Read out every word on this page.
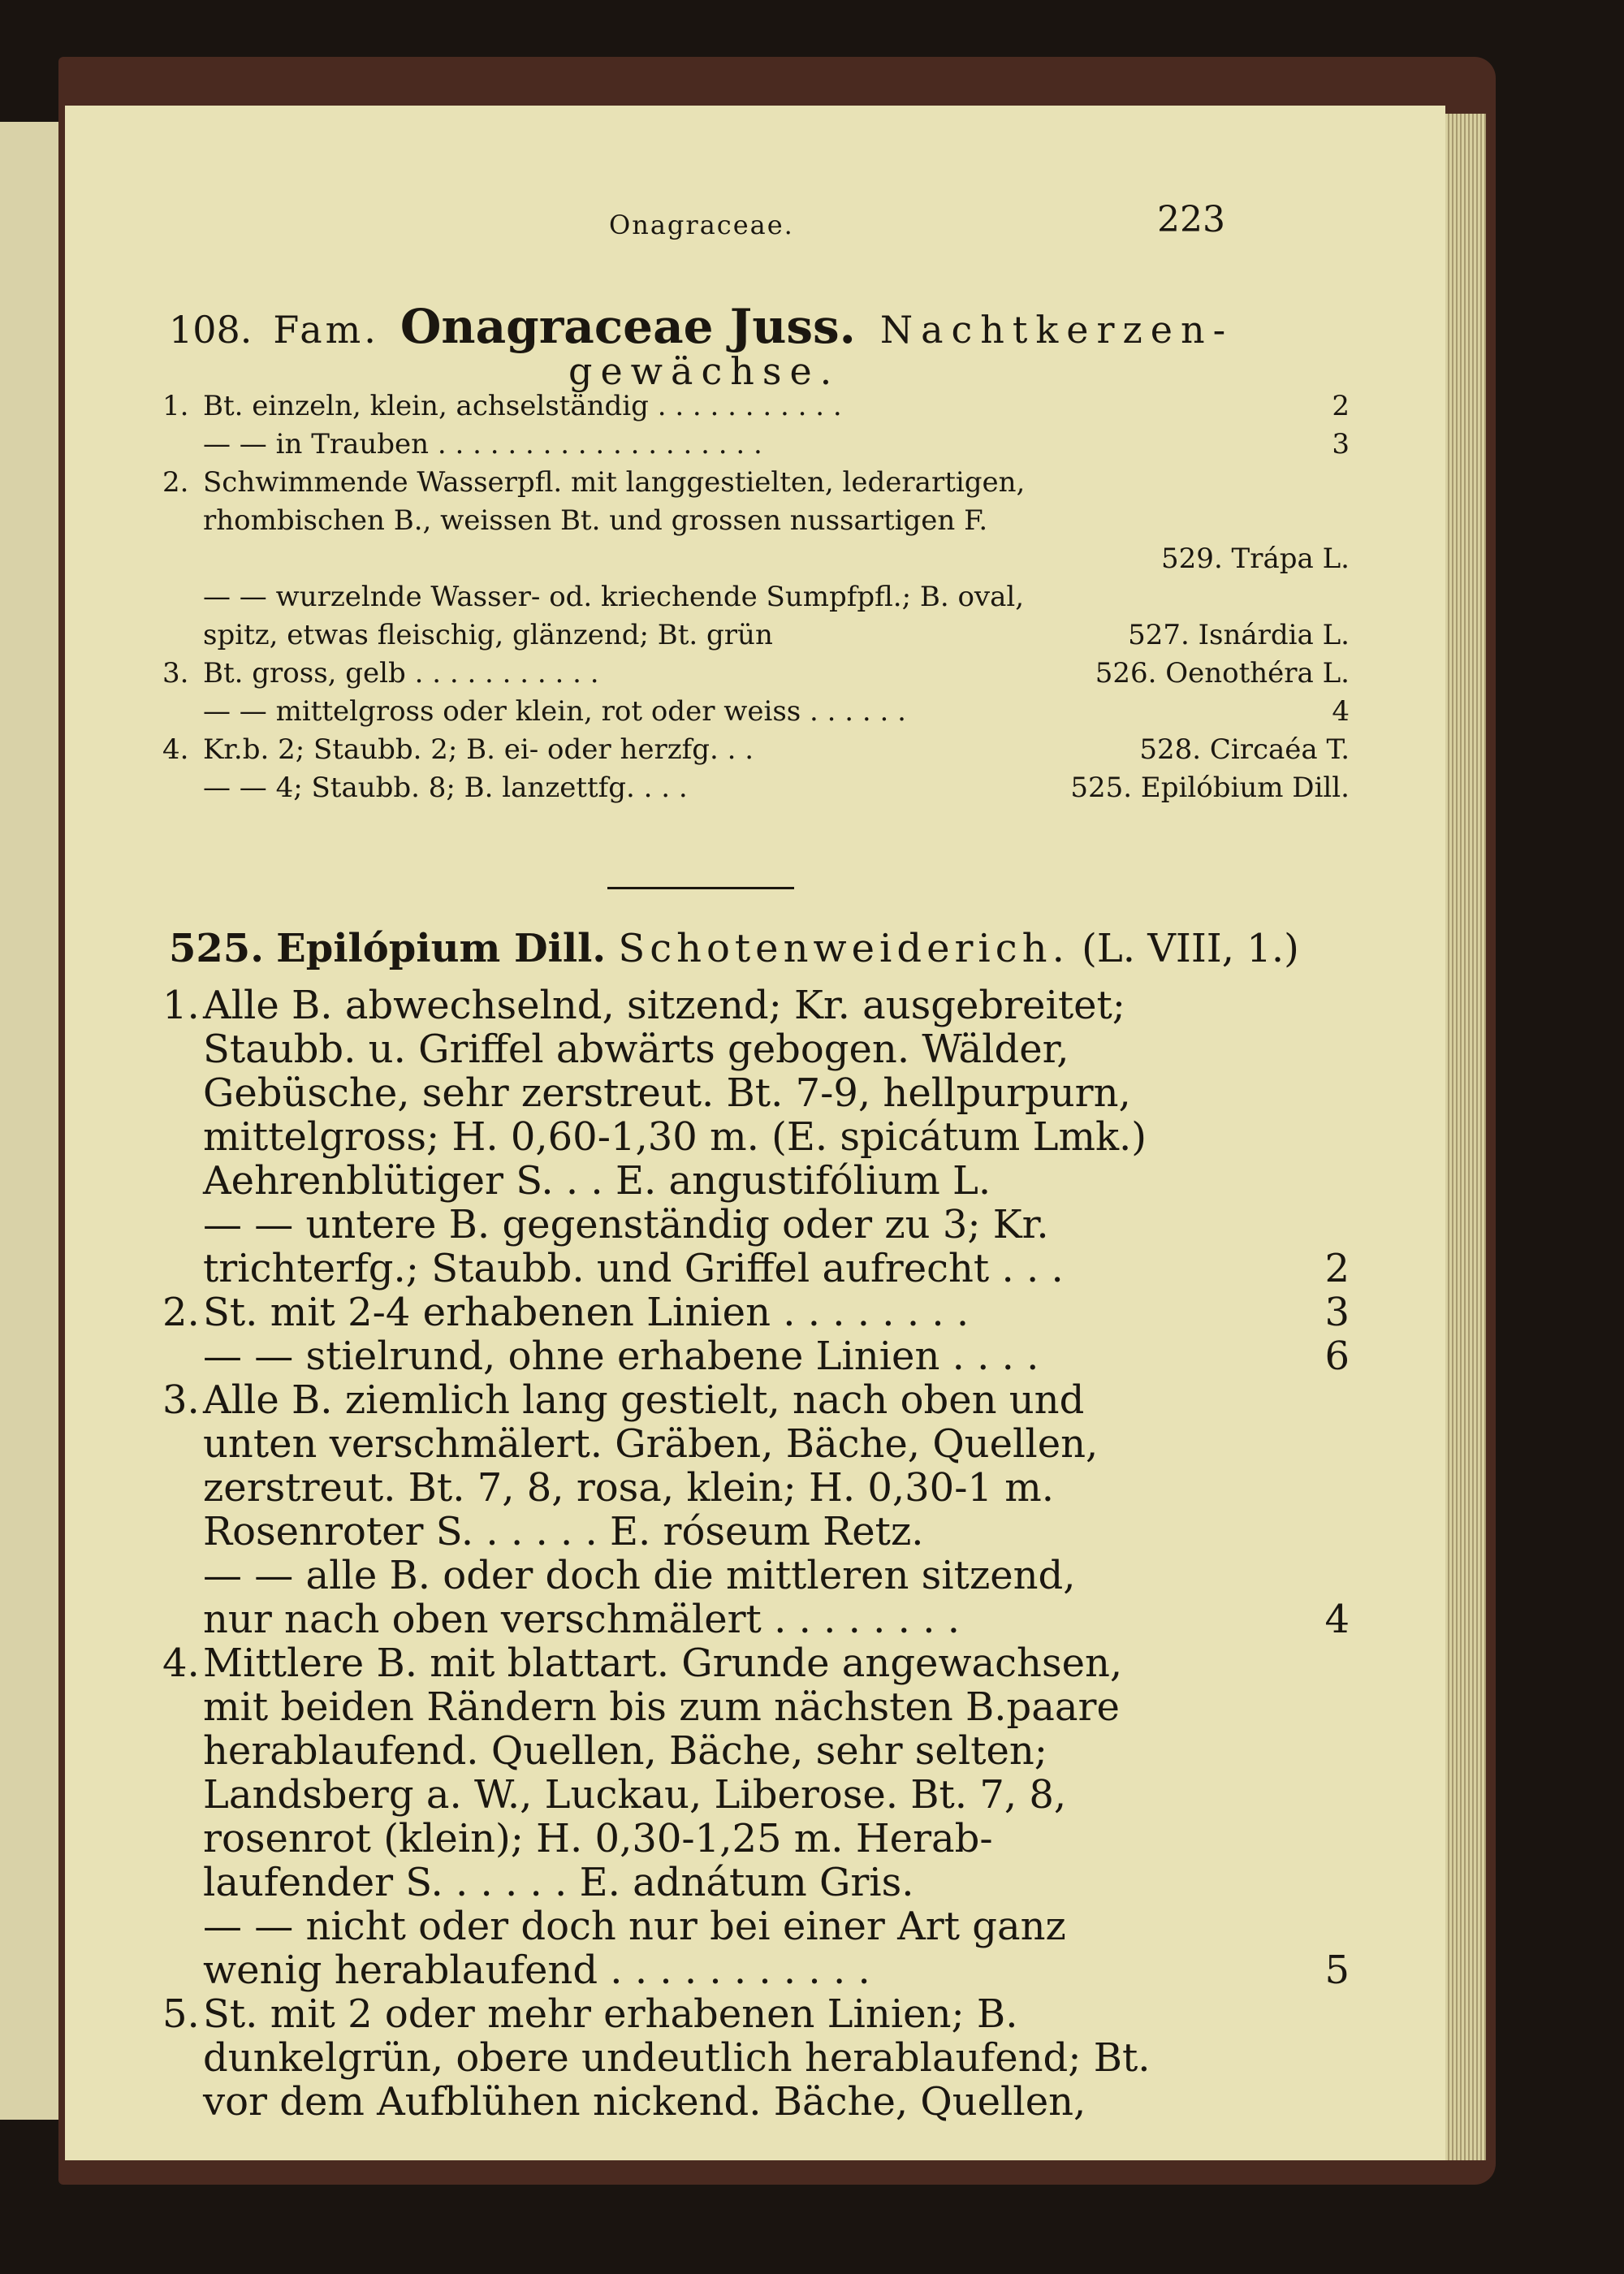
Onagraceae.	223
108. Fam. Onagraceae Juss. Nachtkerzen-
gewächse.
1. Bt. einzeln, klein, achselständig . . . . . . . . . . .	2
— — in Trauben . . . . . . . . . . . . . . . . . . .	3
2. Schwimmende Wasserpfl. mit langgestielten, lederartigen,
rhombischen B., weissen Bt. und grossen nussartigen F.
529. Trápa L.
— — wurzelnde Wasser- od. kriechende Sumpfpfl.; B. oval,
spitz, etwas fleischig, glänzend; Bt. grün	527. Isnárdia L.
3. Bt. gross, gelb . . . . . . . . . . .	526. Oenothéra L.
— — mittelgross oder klein, rot oder weiss . . . . . .	4
4. Kr.b. 2; Staubb. 2; B. ei- oder herzfg. . .	528. Circaéa T.
— — 4; Staubb. 8; B. lanzettfg. . . .	525. Epilóbium Dill.
525. Epilópium Dill. Schotenweiderich. (L. VIII, 1.)
1.Alle B. abwechselnd, sitzend; Kr. ausgebreitet;
Staubb. u. Griffel abwärts gebogen. Wälder,
Gebüsche, sehr zerstreut. Bt. 7-9, hellpurpurn,
mittelgross; H. 0,60-1,30 m. (E. spicátum Lmk.)
Aehrenblütiger S. . . E. angustifólium L.
— — untere B. gegenständig oder zu 3; Kr.
trichterfg.; Staubb. und Griffel aufrecht . . .	2
2.St. mit 2-4 erhabenen Linien . . . . . . . .	3
— — stielrund, ohne erhabene Linien . . . .	6
3.Alle B. ziemlich lang gestielt, nach oben und
unten verschmälert. Gräben, Bäche, Quellen,
zerstreut. Bt. 7, 8, rosa, klein; H. 0,30-1 m.
Rosenroter S. . . . . . E. róseum Retz.
— — alle B. oder doch die mittleren sitzend,
nur nach oben verschmälert . . . . . . . .	4
4.Mittlere B. mit blattart. Grunde angewachsen,
mit beiden Rändern bis zum nächsten B.paare
herablaufend. Quellen, Bäche, sehr selten;
Landsberg a. W., Luckau, Liberose. Bt. 7, 8,
rosenrot (klein); H. 0,30-1,25 m. Herab-
laufender S. . . . . . E. adnátum Gris.
— — nicht oder doch nur bei einer Art ganz
wenig herablaufend . . . . . . . . . . .	5
5.St. mit 2 oder mehr erhabenen Linien; B.
dunkelgrün, obere undeutlich herablaufend; Bt.
vor dem Aufblühen nickend. Bäche, Quellen,
